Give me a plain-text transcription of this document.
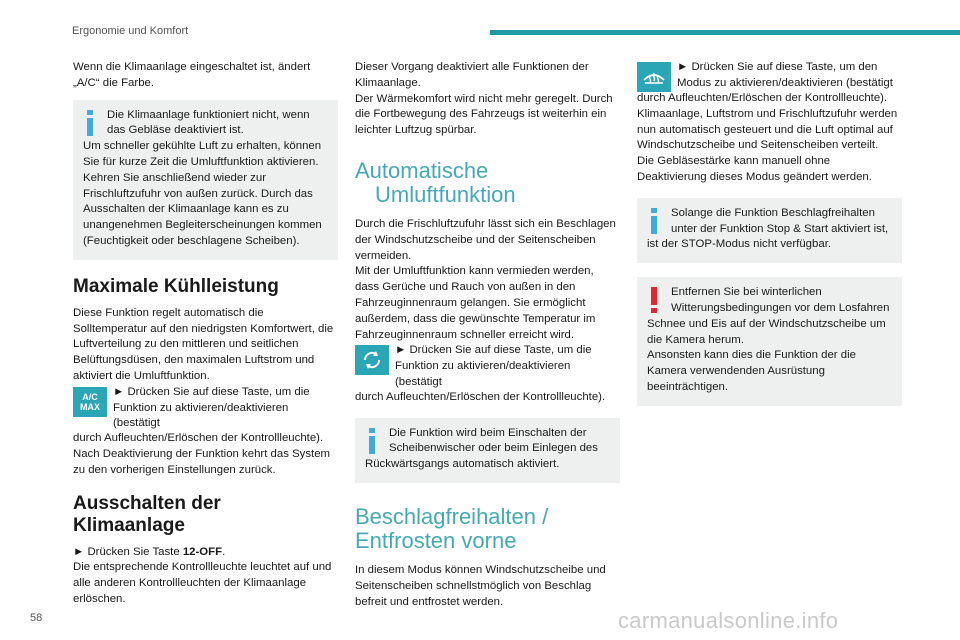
Ergonomie und Komfort

Wenn die Klimaanlage eingeschaltet ist, ändert
„A/C“ die Farbe.

Die Klimaanlage funktioniert nicht, wenn das Gebläse deaktiviert ist.

Um schneller gekühlte Luft zu erhalten, können Sie für kurze Zeit die Umluftfunktion aktivieren. Kehren Sie anschließend wieder zur Frischluftzufuhr von außen zurück. Durch das Ausschalten der Klimaanlage kann es zu unangenehmen Begleiterscheinungen kommen (Feuchtigkeit oder beschlagene Scheiben).

Maximale Kühlleistung

Diese Funktion regelt automatisch die Solltemperatur auf den niedrigsten Komfortwert, die Luftverteilung zu den mittleren und seitlichen Belüftungsdüsen, den maximalen Luftstrom und aktiviert die Umluftfunktion.

A/C
MAX
► Drücken Sie auf diese Taste, um die Funktion zu aktivieren/deaktivieren (bestätigt

durch Aufleuchten/Erlöschen der Kontrollleuchte). Nach Deaktivierung der Funktion kehrt das System zu den vorherigen Einstellungen zurück.

Ausschalten der Klimaanlage

► Drücken Sie Taste 12-OFF.

Die entsprechende Kontrollleuchte leuchtet auf und alle anderen Kontrollleuchten der Klimaanlage erlöschen.

Dieser Vorgang deaktiviert alle Funktionen der Klimaanlage.

Der Wärmekomfort wird nicht mehr geregelt. Durch die Fortbewegung des Fahrzeugs ist weiterhin ein leichter Luftzug spürbar.

Automatische
Umluftfunktion

Durch die Frischluftzufuhr lässt sich ein Beschlagen der Windschutzscheibe und der Seitenscheiben vermeiden.

Mit der Umluftfunktion kann vermieden werden, dass Gerüche und Rauch von außen in den Fahrzeuginnenraum gelangen. Sie ermöglicht außerdem, dass die gewünschte Temperatur im Fahrzeuginnenraum schneller erreicht wird.

► Drücken Sie auf diese Taste, um die Funktion zu aktivieren/deaktivieren (bestätigt

durch Aufleuchten/Erlöschen der Kontrollleuchte).

Die Funktion wird beim Einschalten der Scheibenwischer oder beim Einlegen des

Rückwärtsgangs automatisch aktiviert.

Beschlagfreihalten /
Entfrosten vorne

In diesem Modus können Windschutzscheibe und Seitenscheiben schnellstmöglich von Beschlag befreit und entfrostet werden.

► Drücken Sie auf diese Taste, um den Modus zu aktivieren/deaktivieren (bestätigt

durch Aufleuchten/Erlöschen der Kontrollleuchte).

Klimaanlage, Luftstrom und Frischluftzufuhr werden nun automatisch gesteuert und die Luft optimal auf Windschutzscheibe und Seitenscheiben verteilt.

Die Gebläsestärke kann manuell ohne Deaktivierung dieses Modus geändert werden.

Solange die Funktion Beschlagfreihalten unter der Funktion Stop & Start aktiviert ist,

ist der STOP-Modus nicht verfügbar.

Entfernen Sie bei winterlichen Witterungsbedingungen vor dem Losfahren

Schnee und Eis auf der Windschutzscheibe um die Kamera herum.

Ansonsten kann dies die Funktion der die Kamera verwendenden Ausrüstung beeinträchtigen.

58	carmanualsonline.info
